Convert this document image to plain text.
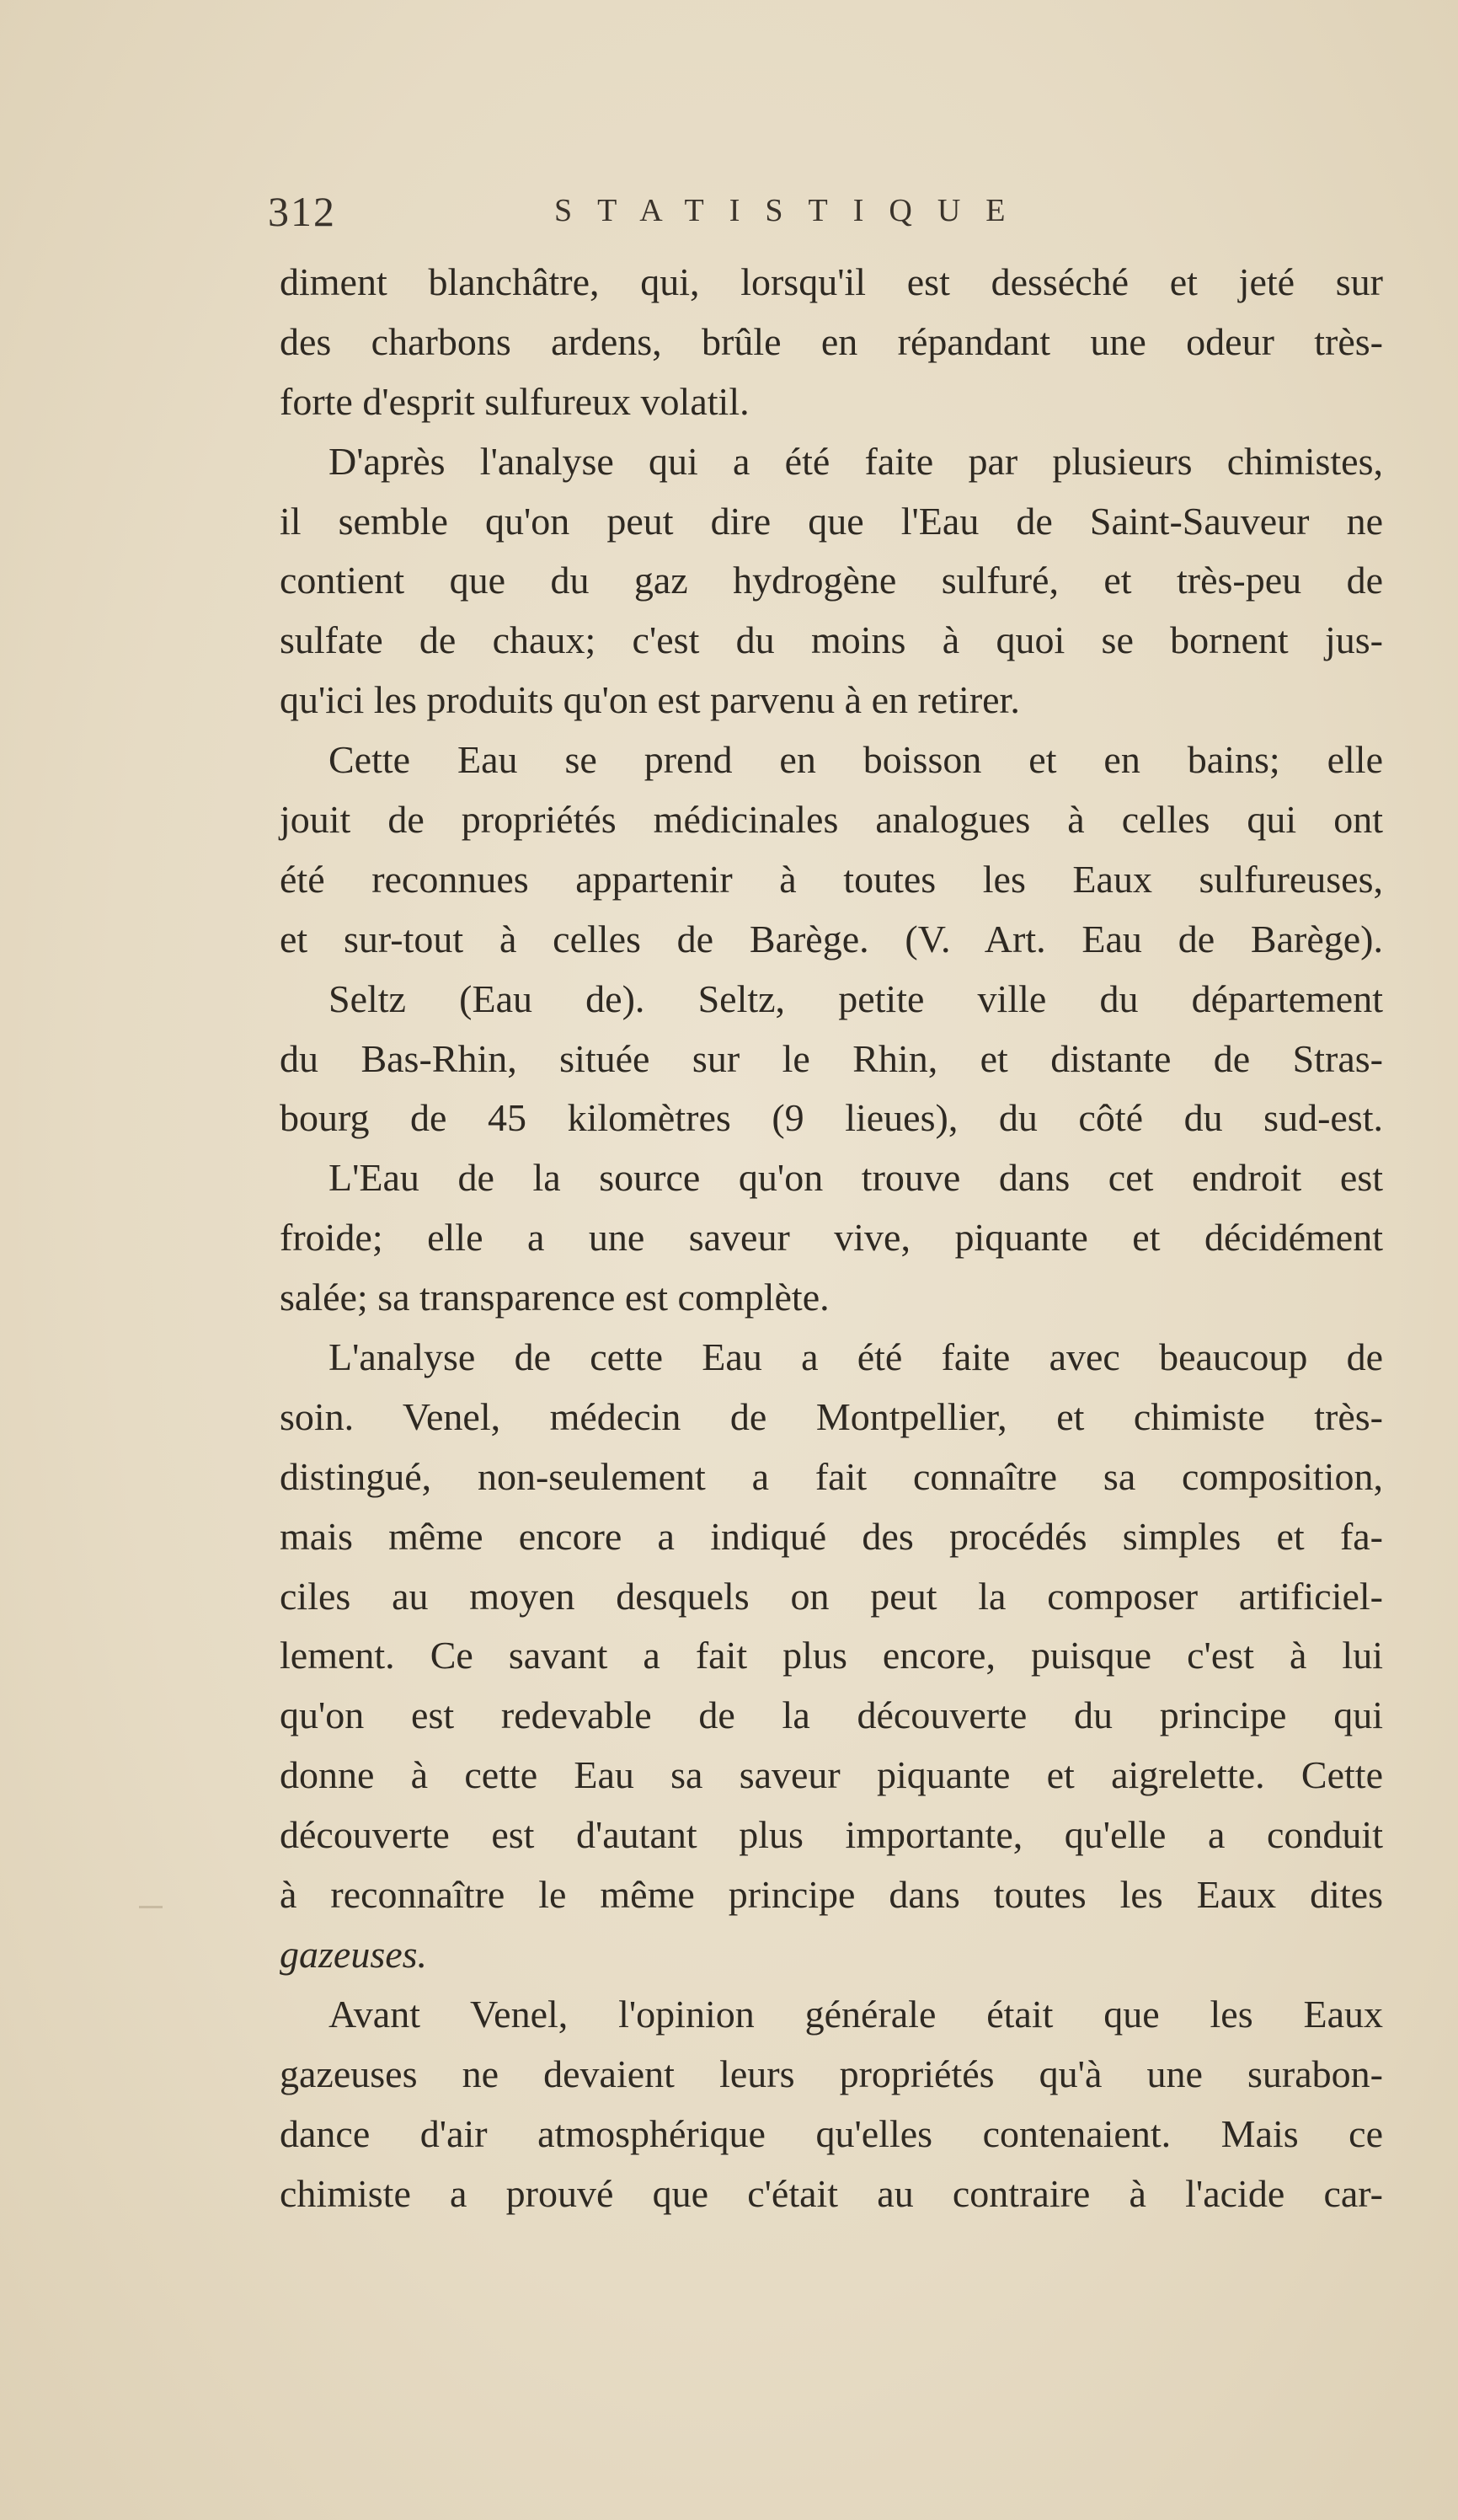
312	STATISTIQUE
diment blanchâtre, qui, lorsqu'il est desséché et jeté sur
des charbons ardens, brûle en répandant une odeur très-
forte d'esprit sulfureux volatil.
D'après l'analyse qui a été faite par plusieurs chimistes,
il semble qu'on peut dire que l'Eau de Saint-Sauveur ne
contient que du gaz hydrogène sulfuré, et très-peu de
sulfate de chaux; c'est du moins à quoi se bornent jus-
qu'ici les produits qu'on est parvenu à en retirer.
Cette Eau se prend en boisson et en bains; elle
jouit de propriétés médicinales analogues à celles qui ont
été reconnues appartenir à toutes les Eaux sulfureuses,
et sur-tout à celles de Barège. (V. Art. Eau de Barège).
Seltz (Eau de). Seltz, petite ville du département
du Bas-Rhin, située sur le Rhin, et distante de Stras-
bourg de 45 kilomètres (9 lieues), du côté du sud-est.
L'Eau de la source qu'on trouve dans cet endroit est
froide; elle a une saveur vive, piquante et décidément
salée; sa transparence est complète.
L'analyse de cette Eau a été faite avec beaucoup de
soin. Venel, médecin de Montpellier, et chimiste très-
distingué, non-seulement a fait connaître sa composition,
mais même encore a indiqué des procédés simples et fa-
ciles au moyen desquels on peut la composer artificiel-
lement. Ce savant a fait plus encore, puisque c'est à lui
qu'on est redevable de la découverte du principe qui
donne à cette Eau sa saveur piquante et aigrelette. Cette
découverte est d'autant plus importante, qu'elle a conduit
à reconnaître le même principe dans toutes les Eaux dites
gazeuses.
Avant Venel, l'opinion générale était que les Eaux
gazeuses ne devaient leurs propriétés qu'à une surabon-
dance d'air atmosphérique qu'elles contenaient. Mais ce
chimiste a prouvé que c'était au contraire à l'acide car-
